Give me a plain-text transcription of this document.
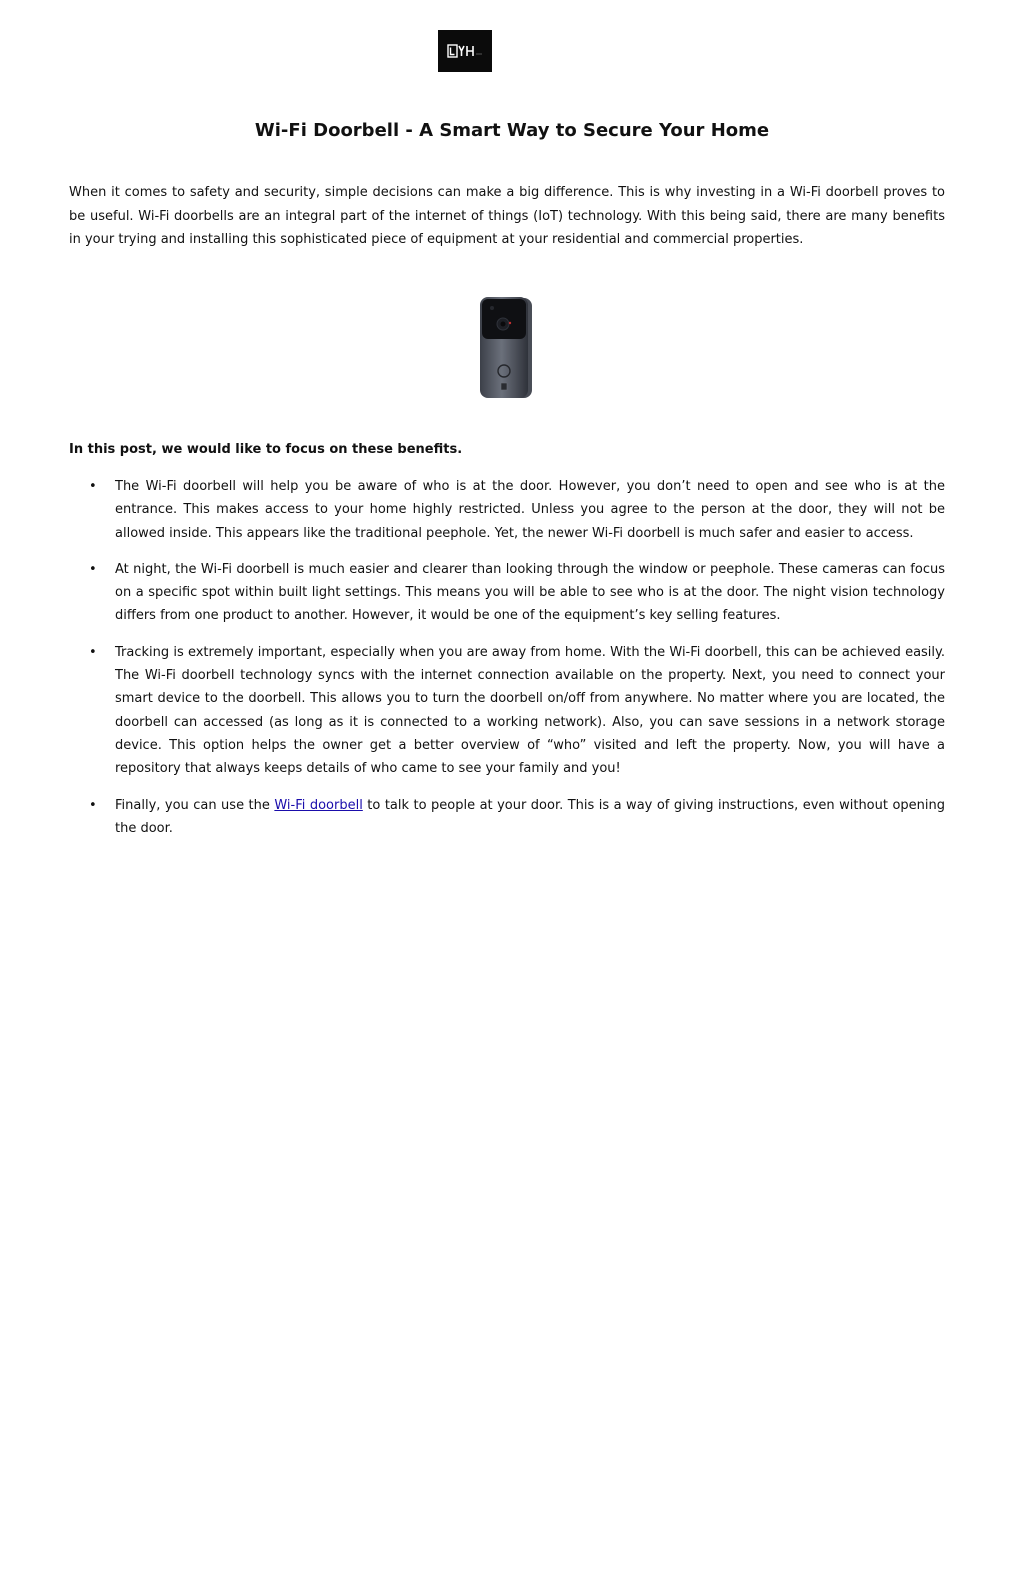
Wi-Fi Doorbell - A Smart Way to Secure Your Home

When it comes to safety and security, simple decisions can make a big difference. This is why investing in a Wi-Fi doorbell proves to be useful. Wi-Fi doorbells are an integral part of the internet of things (IoT) technology. With this being said, there are many benefits in your trying and installing this sophisticated piece of equipment at your residential and commercial properties.

In this post, we would like to focus on these benefits.

• The Wi-Fi doorbell will help you be aware of who is at the door. However, you don’t need to open and see who is at the entrance. This makes access to your home highly restricted. Unless you agree to the person at the door, they will not be allowed inside. This appears like the traditional peephole. Yet, the newer Wi-Fi doorbell is much safer and easier to access.
• At night, the Wi-Fi doorbell is much easier and clearer than looking through the window or peephole. These cameras can focus on a specific spot within built light settings. This means you will be able to see who is at the door. The night vision technology differs from one product to another. However, it would be one of the equipment’s key selling features.
• Tracking is extremely important, especially when you are away from home. With the Wi-Fi doorbell, this can be achieved easily. The Wi-Fi doorbell technology syncs with the internet connection available on the property. Next, you need to connect your smart device to the doorbell. This allows you to turn the doorbell on/off from anywhere. No matter where you are located, the doorbell can accessed (as long as it is connected to a working network). Also, you can save sessions in a network storage device. This option helps the owner get a better overview of “who” visited and left the property. Now, you will have a repository that always keeps details of who came to see your family and you!
• Finally, you can use the Wi-Fi doorbell to talk to people at your door. This is a way of giving instructions, even without opening the door.
